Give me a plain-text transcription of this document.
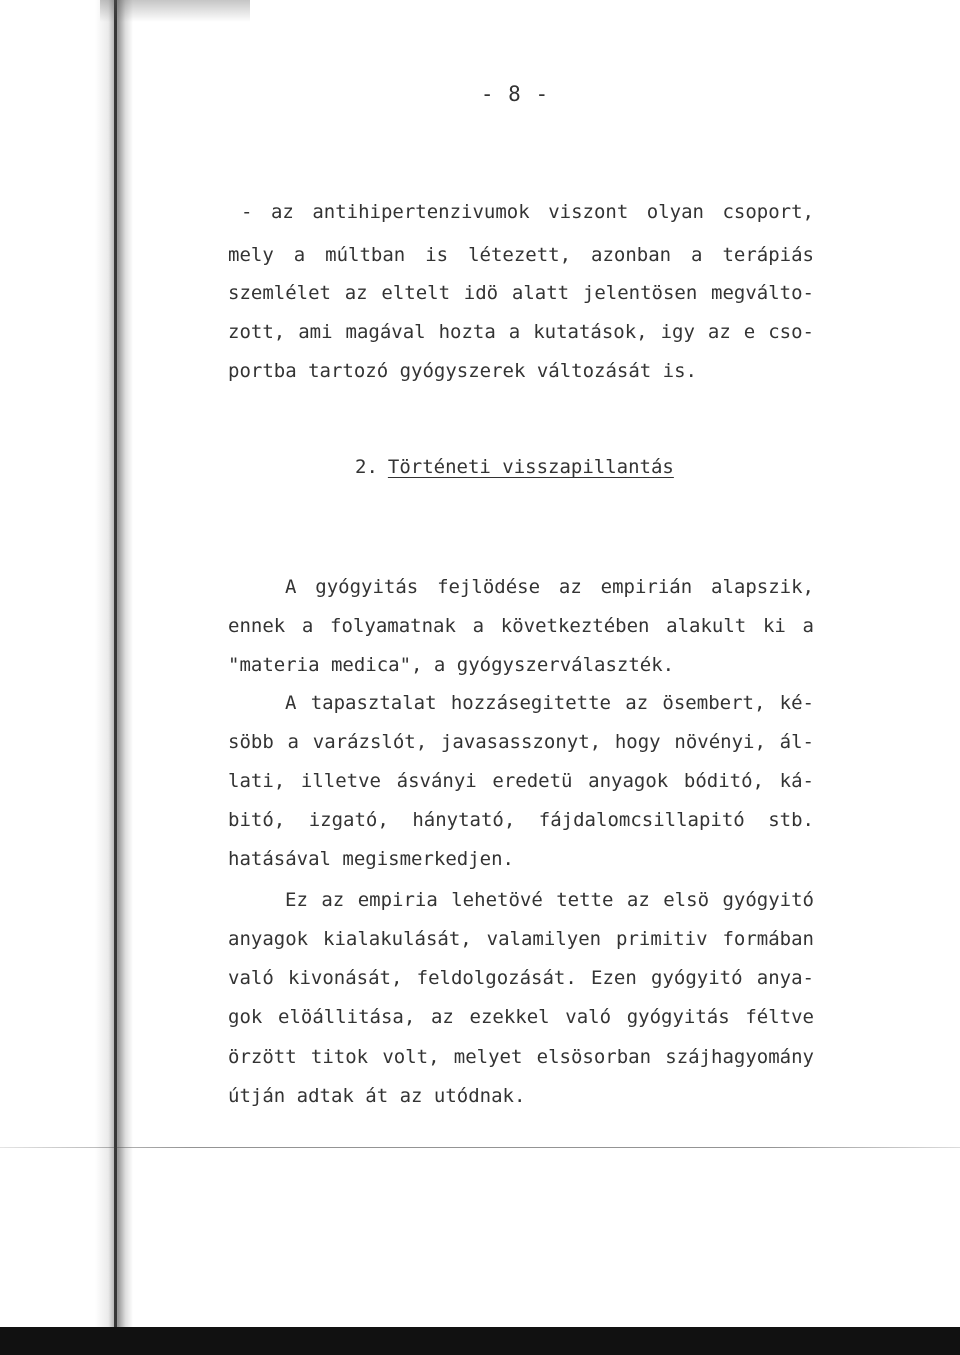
- 8 -
- az antihipertenzivumok viszont olyan csoport,
mely a múltban is létezett, azonban a terápiás
szemlélet az eltelt idö alatt jelentösen megválto-
zott, ami magával hozta a kutatások, igy az e cso-
portba tartozó gyógyszerek változását is.
2. Történeti visszapillantás
A gyógyitás fejlödése az empirián alapszik,
ennek a folyamatnak a következtében alakult ki a
"materia medica", a gyógyszerválaszték.
A tapasztalat hozzásegitette az ösembert, ké-
söbb a varázslót, javasasszonyt, hogy növényi, ál-
lati, illetve ásványi eredetü anyagok bóditó, ká-
bitó, izgató, hánytató, fájdalomcsillapitó stb.
hatásával megismerkedjen.
Ez az empiria lehetövé tette az elsö gyógyitó
anyagok kialakulását, valamilyen primitiv formában
való kivonását, feldolgozását. Ezen gyógyitó anya-
gok elöállitása, az ezekkel való gyógyitás féltve
örzött titok volt, melyet elsösorban szájhagyomány
útján adtak át az utódnak.
